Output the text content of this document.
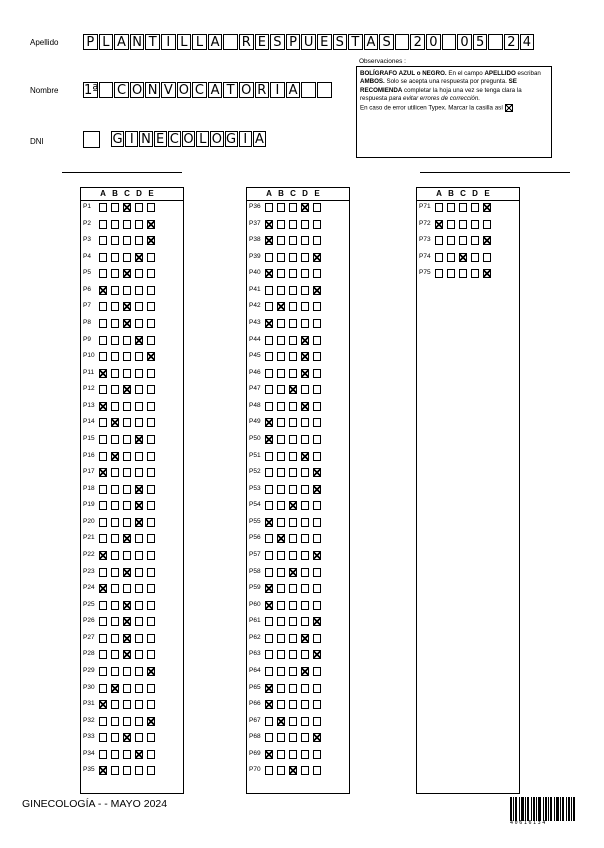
Apellido P L A N T I L L A R E S P U E S T A S 2 0 0 5 2 4
Nombre 1ª C O N V O C A T O R I A
DNI	G I N E C O L O G I A
Observaciones :
BOLÍGRAFO AZUL o NEGRO. En el campo APELLIDO escriban AMBOS. Solo se acepta una respuesta por pregunta. SE RECOMIENDA completar la hoja una vez se tenga clara la respuesta para evitar errores de corrección.
En caso de error utilicen Typex. Marcar la casilla así
A B C D E
P1
P2
P3
P4
P5
P6
P7
P8
P9
P10
P11
P12
P13
P14
P15
P16
P17
P18
P19
P20
P21
P22
P23
P24
P25
P26
P27
P28
P29
P30
P31
P32
P33
P34
P35
A B C D E
P36
P37
P38
P39
P40
P41
P42
P43
P44
P45
P46
P47
P48
P49
P50
P51
P52
P53
P54
P55
P56
P57
P58
P59
P60
P61
P62
P63
P64
P65
P66
P67
P68
P69
P70
A B C D E
P71
P72
P73
P74
P75
GINECOLOGÍA - - MAYO 2024
40616134
